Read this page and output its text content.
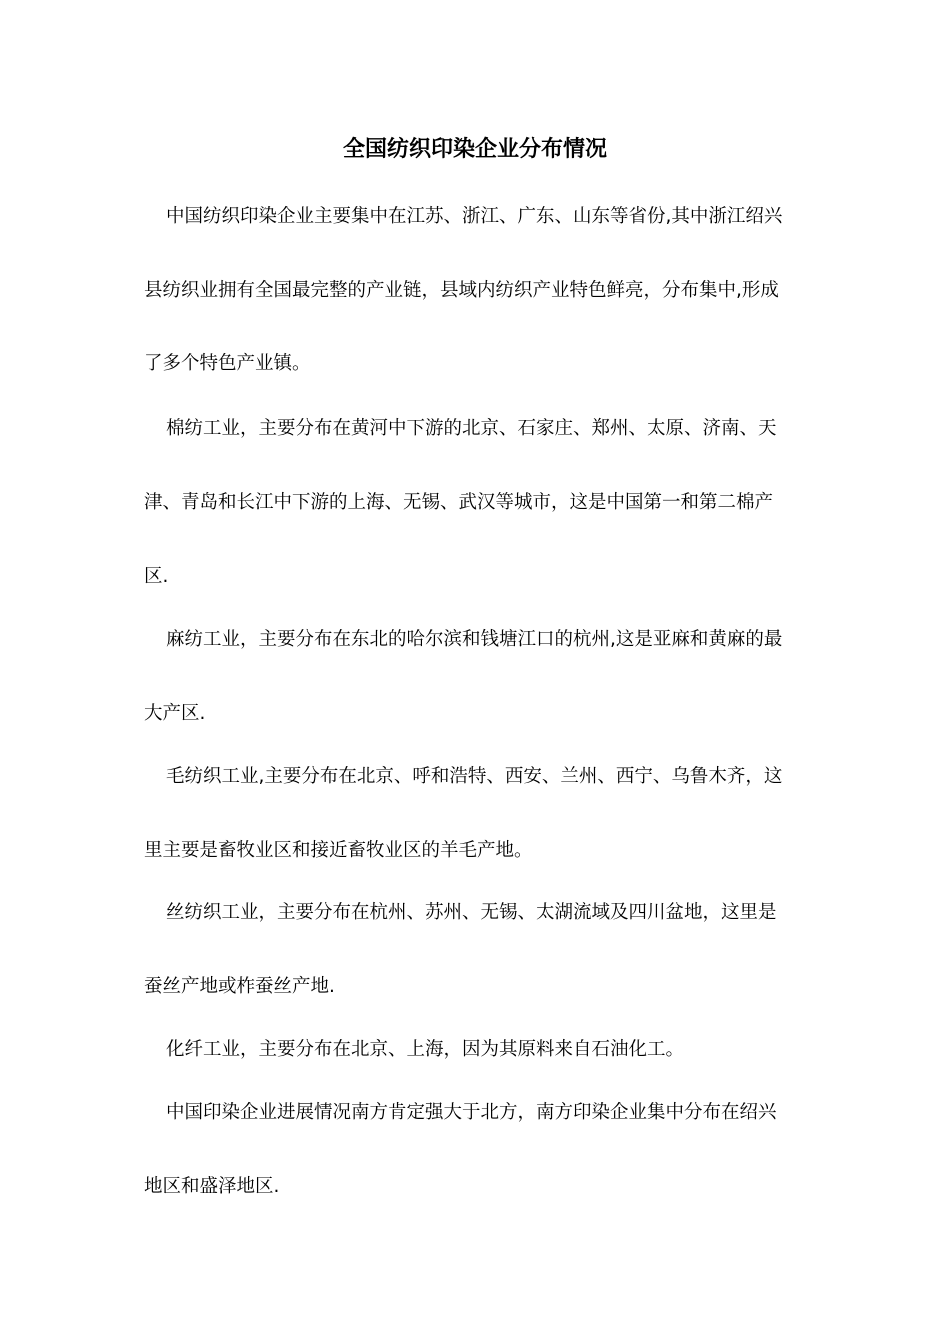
全国纺织印染企业分布情况

中国纺织印染企业主要集中在江苏、浙江、广东、山东等省份,其中浙江绍兴

县纺织业拥有全国最完整的产业链，县域内纺织产业特色鲜亮，分布集中,形成

了多个特色产业镇。

棉纺工业，主要分布在黄河中下游的北京、石家庄、郑州、太原、济南、天

津、青岛和长江中下游的上海、无锡、武汉等城市，这是中国第一和第二棉产

区.

麻纺工业，主要分布在东北的哈尔滨和钱塘江口的杭州,这是亚麻和黄麻的最

大产区.

毛纺织工业,主要分布在北京、呼和浩特、西安、兰州、西宁、乌鲁木齐，这

里主要是畜牧业区和接近畜牧业区的羊毛产地。

丝纺织工业，主要分布在杭州、苏州、无锡、太湖流域及四川盆地，这里是

蚕丝产地或柞蚕丝产地.

化纤工业，主要分布在北京、上海，因为其原料来自石油化工。

中国印染企业进展情况南方肯定强大于北方，南方印染企业集中分布在绍兴

地区和盛泽地区.
